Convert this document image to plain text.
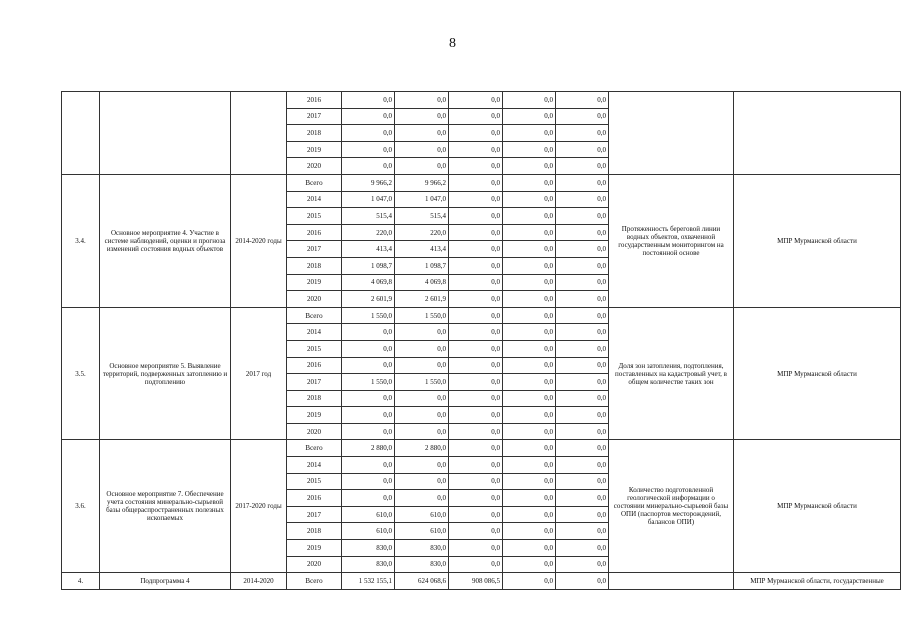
8
			2016	0,0	0,0	0,0	0,0	0,0		
			2017	0,0	0,0	0,0	0,0	0,0		
			2018	0,0	0,0	0,0	0,0	0,0		
			2019	0,0	0,0	0,0	0,0	0,0		
			2020	0,0	0,0	0,0	0,0	0,0		
3.4.	Основное мероприятие 4. Участие в системе наблюдений, оценки и прогноза изменений состояния водных объектов	2014-2020 годы	Всего	9 966,2	9 966,2	0,0	0,0	0,0	Протяженность береговой линии водных объектов, охваченной государственным мониторингом на постоянной основе	МПР Мурманской области
			2014	1 047,0	1 047,0	0,0	0,0	0,0		
			2015	515,4	515,4	0,0	0,0	0,0		
			2016	220,0	220,0	0,0	0,0	0,0		
			2017	413,4	413,4	0,0	0,0	0,0		
			2018	1 098,7	1 098,7	0,0	0,0	0,0		
			2019	4 069,8	4 069,8	0,0	0,0	0,0		
			2020	2 601,9	2 601,9	0,0	0,0	0,0		
3.5.	Основное мероприятие 5. Выявление территорий, подверженных затоплению и подтоплению	2017 год	Всего	1 550,0	1 550,0	0,0	0,0	0,0	Доля зон затопления, подтопления, поставленных на кадастровый учет, в общем количестве таких зон	МПР Мурманской области
			2014	0,0	0,0	0,0	0,0	0,0		
			2015	0,0	0,0	0,0	0,0	0,0		
			2016	0,0	0,0	0,0	0,0	0,0		
			2017	1 550,0	1 550,0	0,0	0,0	0,0		
			2018	0,0	0,0	0,0	0,0	0,0		
			2019	0,0	0,0	0,0	0,0	0,0		
			2020	0,0	0,0	0,0	0,0	0,0		
3.6.	Основное мероприятие 7. Обеспечение учета состояния минерально-сырьевой базы общераспространенных полезных ископаемых	2017-2020 годы	Всего	2 880,0	2 880,0	0,0	0,0	0,0	Количество подготовленной геологической информации о состоянии минерально-сырьевой базы ОПИ (паспортов месторождений, балансов ОПИ)	МПР Мурманской области
			2014	0,0	0,0	0,0	0,0	0,0		
			2015	0,0	0,0	0,0	0,0	0,0		
			2016	0,0	0,0	0,0	0,0	0,0		
			2017	610,0	610,0	0,0	0,0	0,0		
			2018	610,0	610,0	0,0	0,0	0,0		
			2019	830,0	830,0	0,0	0,0	0,0		
			2020	830,0	830,0	0,0	0,0	0,0		
4.	Подпрограмма 4	2014-2020	Всего	1 532 155,1	624 068,6	908 086,5	0,0	0,0		МПР Мурманской области, государственные
